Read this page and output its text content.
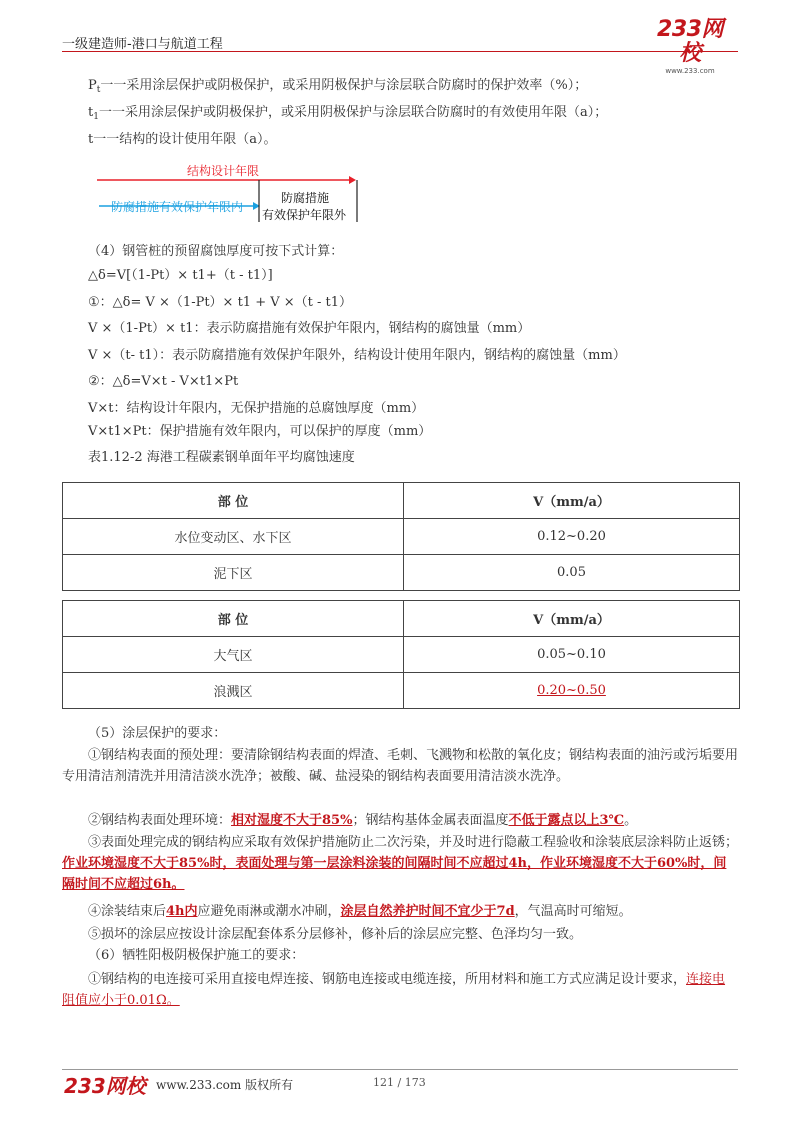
一级建造师-港口与航道工程
233网校
www.233.com
$P_t$一一采用涂层保护或阴极保护，或采用阴极保护与涂层联合防腐时的保护效率（%）；
$t_1$一一采用涂层保护或阴极保护，或采用阴极保护与涂层联合防腐时的有效使用年限（a）；
t一一结构的设计使用年限（a）。
结构设计年限
防腐措施有效保护年限内
防腐措施
有效保护年限外
（4）钢管桩的预留腐蚀厚度可按下式计算：
△δ=V[（1-Pt）× t1+（t - t1）]
①：△δ= V ×（1-Pt）× t1 + V ×（t - t1）
V ×（1-Pt）× t1：表示防腐措施有效保护年限内，钢结构的腐蚀量（mm）
V ×（t- t1）：表示防腐措施有效保护年限外，结构设计使用年限内，钢结构的腐蚀量（mm）
②：△δ=V×t - V×t1×Pt
V×t：结构设计年限内，无保护措施的总腐蚀厚度（mm）
V×t1×Pt：保护措施有效年限内，可以保护的厚度（mm）
表1.12-2 海港工程碳素钢单面年平均腐蚀速度
部 位	V（mm/a）
水位变动区、水下区	0.12~0.20
泥下区	0.05
部 位	V（mm/a）
大气区	0.05~0.10
浪溅区	0.20~0.50
（5）涂层保护的要求：
①钢结构表面的预处理：要清除钢结构表面的焊渣、毛刺、飞溅物和松散的氧化皮；钢结构表面的油污或污垢要用专用清洁剂清洗并用清洁淡水洗净；被酸、碱、盐浸染的钢结构表面要用清洁淡水洗净。
②钢结构表面处理环境：相对湿度不大于85%；钢结构基体金属表面温度不低于露点以上3℃。
③表面处理完成的钢结构应采取有效保护措施防止二次污染，并及时进行隐蔽工程验收和涂装底层涂料防止返锈；作业环境湿度不大于85%时，表面处理与第一层涂料涂装的间隔时间不应超过4h，作业环境湿度不大于60%时，间隔时间不应超过6h。
④涂装结束后4h内应避免雨淋或潮水冲刷，涂层自然养护时间不宜少于7d，气温高时可缩短。
⑤损坏的涂层应按设计涂层配套体系分层修补，修补后的涂层应完整、色泽均匀一致。
（6）牺牲阳极阴极保护施工的要求：
①钢结构的电连接可采用直接电焊连接、钢筋电连接或电缆连接，所用材料和施工方式应满足设计要求，连接电阻值应小于0.01Ω。
233网校 www.233.com 版权所有	121 / 173
